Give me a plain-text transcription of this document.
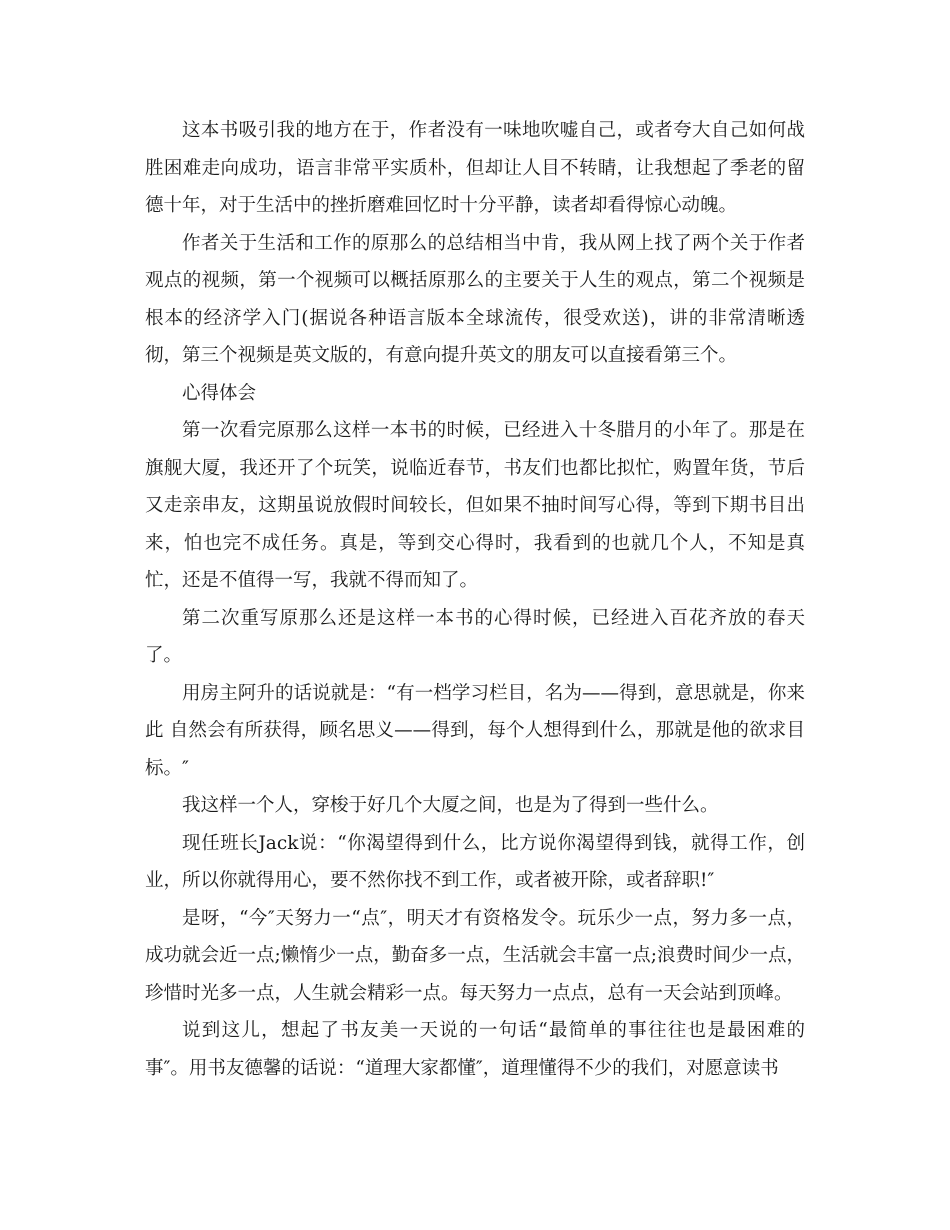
这本书吸引我的地方在于，作者没有一味地吹嘘自己，或者夸大自己如何战胜困难走向成功，语言非常平实质朴，但却让人目不转睛，让我想起了季老的留德十年，对于生活中的挫折磨难回忆时十分平静，读者却看得惊心动魄。

作者关于生活和工作的原那么的总结相当中肯，我从网上找了两个关于作者观点的视频，第一个视频可以概括原那么的主要关于人生的观点，第二个视频是根本的经济学入门(据说各种语言版本全球流传，很受欢送)，讲的非常清晰透彻，第三个视频是英文版的，有意向提升英文的朋友可以直接看第三个。

心得体会

第一次看完原那么这样一本书的时候，已经进入十冬腊月的小年了。那是在旗舰大厦，我还开了个玩笑，说临近春节，书友们也都比拟忙，购置年货，节后又走亲串友，这期虽说放假时间较长，但如果不抽时间写心得，等到下期书目出来，怕也完不成任务。真是，等到交心得时，我看到的也就几个人，不知是真忙，还是不值得一写，我就不得而知了。

第二次重写原那么还是这样一本书的心得时候，已经进入百花齐放的春天了。

用房主阿升的话说就是：“有一档学习栏目，名为——得到，意思就是，你来此 自然会有所获得，顾名思义——得到，每个人想得到什么，那就是他的欲求目标。″

我这样一个人，穿梭于好几个大厦之间，也是为了得到一些什么。

现任班长Jack说：“你渴望得到什么，比方说你渴望得到钱，就得工作，创业，所以你就得用心，要不然你找不到工作，或者被开除，或者辞职!″

是呀，“今″天努力一“点″，明天才有资格发令。玩乐少一点，努力多一点，成功就会近一点;懒惰少一点，勤奋多一点，生活就会丰富一点;浪费时间少一点，珍惜时光多一点，人生就会精彩一点。每天努力一点点，总有一天会站到顶峰。

说到这儿，想起了书友美一天说的一句话“最简单的事往往也是最困难的事″。用书友德馨的话说：“道理大家都懂″，道理懂得不少的我们，对愿意读书
